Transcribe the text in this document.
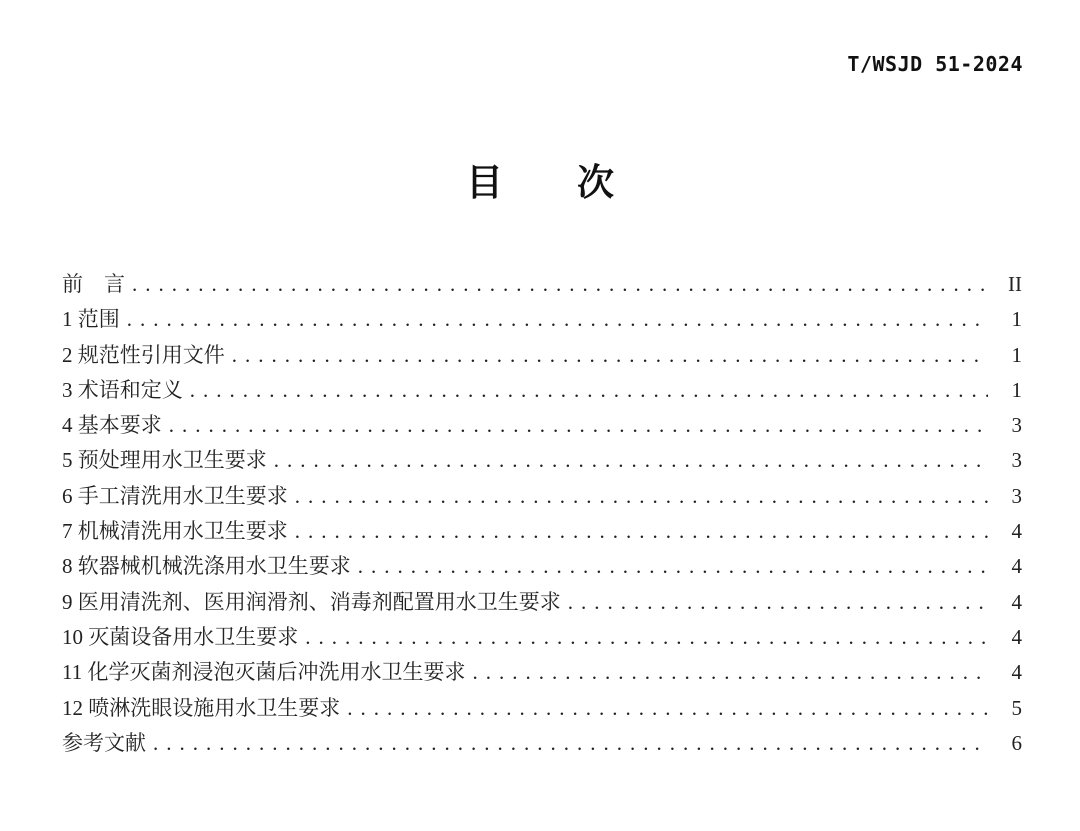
T/WSJD 51-2024
目　　次
前　言 .....	II
1 范围 .....	1
2 规范性引用文件 .....	1
3 术语和定义 .....	1
4 基本要求 .....	3
5 预处理用水卫生要求 .....	3
6 手工清洗用水卫生要求 .....	3
7 机械清洗用水卫生要求 .....	4
8 软器械机械洗涤用水卫生要求 .....	4
9 医用清洗剂、医用润滑剂、消毒剂配置用水卫生要求 .....	4
10 灭菌设备用水卫生要求 .....	4
11 化学灭菌剂浸泡灭菌后冲洗用水卫生要求 .....	4
12 喷淋洗眼设施用水卫生要求 .....	5
参考文献 .....	6
